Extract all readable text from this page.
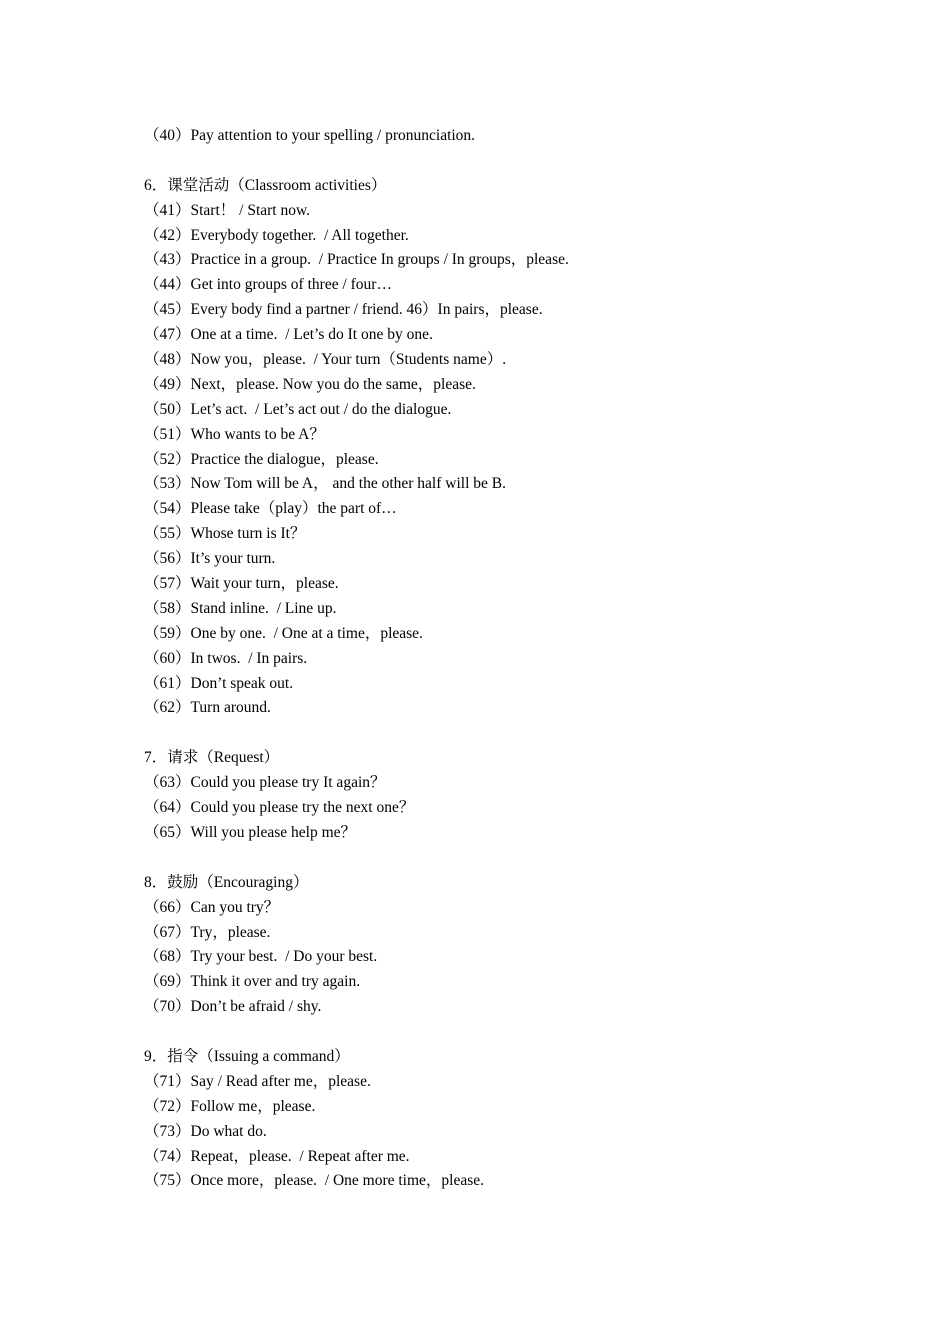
（40）Pay attention to your spelling / pronunciation.
6．课堂活动（Classroom activities）
（41）Start！ / Start now.
（42）Everybody together.  / All together.
（43）Practice in a group.  / Practice In groups / In groups，please.
（44）Get into groups of three / four…
（45）Every body find a partner / friend. 46）In pairs，please.
（47）One at a time.  / Let’s do It one by one.
（48）Now you，please.  / Your turn（Students name）.
（49）Next，please. Now you do the same，please.
（50）Let’s act.  / Let’s act out / do the dialogue.
（51）Who wants to be A？
（52）Practice the dialogue，please.
（53）Now Tom will be A， and the other half will be B.
（54）Please take（play）the part of…
（55）Whose turn is It？
（56）It’s your turn.
（57）Wait your turn，please.
（58）Stand inline.  / Line up.
（59）One by one.  / One at a time，please.
（60）In twos.  / In pairs.
（61）Don’t speak out.
（62）Turn around.
7．请求（Request）
（63）Could you please try It again？
（64）Could you please try the next one？
（65）Will you please help me？
8．鼓励（Encouraging）
（66）Can you try？
（67）Try，please.
（68）Try your best.  / Do your best.
（69）Think it over and try again.
（70）Don’t be afraid / shy.
9．指令（Issuing a command）
（71）Say / Read after me，please.
（72）Follow me，please.
（73）Do what do.
（74）Repeat，please.  / Repeat after me.
（75）Once more，please.  / One more time，please.
